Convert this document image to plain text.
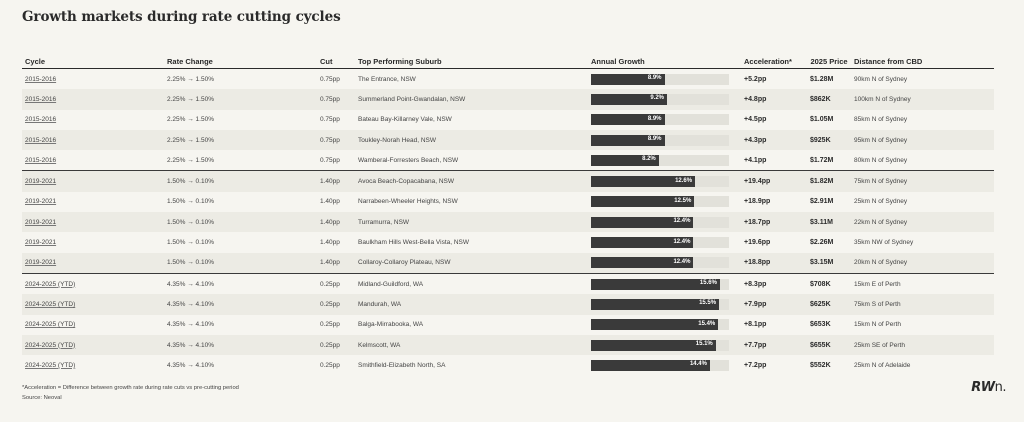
Growth markets during rate cutting cycles
Cycle	Rate Change	Cut	Top Performing Suburb	Annual Growth	Acceleration*	2025 Price	Distance from CBD
2015-2016	2.25% → 1.50%	0.75pp	The Entrance, NSW	8.9%	+5.2pp	$1.28M	90km N of Sydney
2015-2016	2.25% → 1.50%	0.75pp	Summerland Point-Gwandalan, NSW	9.2%	+4.8pp	$862K	100km N of Sydney
2015-2016	2.25% → 1.50%	0.75pp	Bateau Bay-Killarney Vale, NSW	8.9%	+4.5pp	$1.05M	85km N of Sydney
2015-2016	2.25% → 1.50%	0.75pp	Toukley-Norah Head, NSW	8.9%	+4.3pp	$925K	95km N of Sydney
2015-2016	2.25% → 1.50%	0.75pp	Wamberal-Forresters Beach, NSW	8.2%	+4.1pp	$1.72M	80km N of Sydney
2019-2021	1.50% → 0.10%	1.40pp	Avoca Beach-Copacabana, NSW	12.6%	+19.4pp	$1.82M	75km N of Sydney
2019-2021	1.50% → 0.10%	1.40pp	Narrabeen-Wheeler Heights, NSW	12.5%	+18.9pp	$2.91M	25km N of Sydney
2019-2021	1.50% → 0.10%	1.40pp	Turramurra, NSW	12.4%	+18.7pp	$3.11M	22km N of Sydney
2019-2021	1.50% → 0.10%	1.40pp	Baulkham Hills West-Bella Vista, NSW	12.4%	+19.6pp	$2.26M	35km NW of Sydney
2019-2021	1.50% → 0.10%	1.40pp	Collaroy-Collaroy Plateau, NSW	12.4%	+18.8pp	$3.15M	20km N of Sydney
2024-2025 (YTD)	4.35% → 4.10%	0.25pp	Midland-Guildford, WA	15.6%	+8.3pp	$708K	15km E of Perth
2024-2025 (YTD)	4.35% → 4.10%	0.25pp	Mandurah, WA	15.5%	+7.9pp	$625K	75km S of Perth
2024-2025 (YTD)	4.35% → 4.10%	0.25pp	Balga-Mirrabooka, WA	15.4%	+8.1pp	$653K	15km N of Perth
2024-2025 (YTD)	4.35% → 4.10%	0.25pp	Kelmscott, WA	15.1%	+7.7pp	$655K	25km SE of Perth
2024-2025 (YTD)	4.35% → 4.10%	0.25pp	Smithfield-Elizabeth North, SA	14.4%	+7.2pp	$552K	25km N of Adelaide
*Acceleration = Difference between growth rate during rate cuts vs pre-cutting period
Source: Neoval
RWn.
